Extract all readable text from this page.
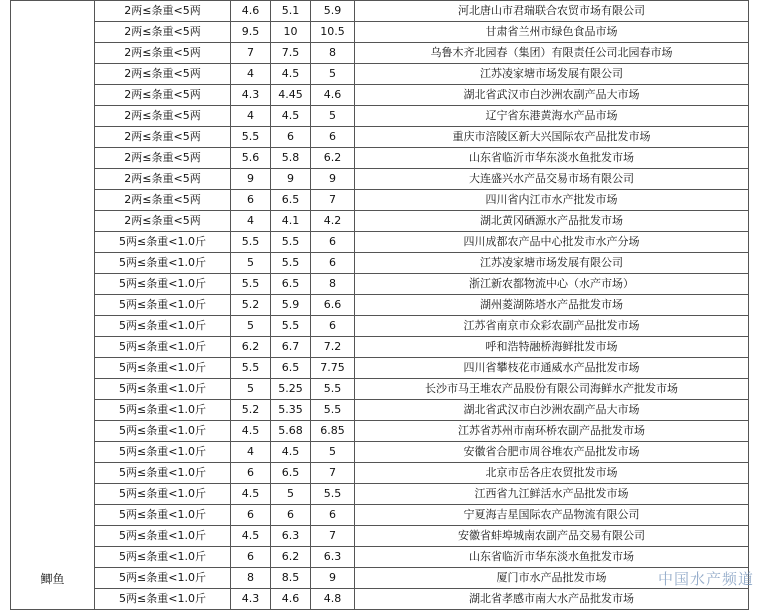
鲫鱼	2两≤条重<5两	4.6	5.1	5.9	河北唐山市君瑞联合农贸市场有限公司
	2两≤条重<5两	9.5	10	10.5	甘肃省兰州市绿色食品市场
	2两≤条重<5两	7	7.5	8	乌鲁木齐北园春（集团）有限责任公司北园春市场
	2两≤条重<5两	4	4.5	5	江苏凌家塘市场发展有限公司
	2两≤条重<5两	4.3	4.45	4.6	湖北省武汉市白沙洲农副产品大市场
	2两≤条重<5两	4	4.5	5	辽宁省东港黄海水产品市场
	2两≤条重<5两	5.5	6	6	重庆市涪陵区新大兴国际农产品批发市场
	2两≤条重<5两	5.6	5.8	6.2	山东省临沂市华东淡水鱼批发市场
	2两≤条重<5两	9	9	9	大连盛兴水产品交易市场有限公司
	2两≤条重<5两	6	6.5	7	四川省内江市水产批发市场
	2两≤条重<5两	4	4.1	4.2	湖北黄冈硒源水产品批发市场
	5两≤条重<1.0斤	5.5	5.5	6	四川成都农产品中心批发市水产分场
	5两≤条重<1.0斤	5	5.5	6	江苏凌家塘市场发展有限公司
	5两≤条重<1.0斤	5.5	6.5	8	浙江新农都物流中心（水产市场）
	5两≤条重<1.0斤	5.2	5.9	6.6	湖州菱湖陈塔水产品批发市场
	5两≤条重<1.0斤	5	5.5	6	江苏省南京市众彩农副产品批发市场
	5两≤条重<1.0斤	6.2	6.7	7.2	呼和浩特融桥海鲜批发市场
	5两≤条重<1.0斤	5.5	6.5	7.75	四川省攀枝花市通威水产品批发市场
	5两≤条重<1.0斤	5	5.25	5.5	长沙市马王堆农产品股份有限公司海鲜水产批发市场
	5两≤条重<1.0斤	5.2	5.35	5.5	湖北省武汉市白沙洲农副产品大市场
	5两≤条重<1.0斤	4.5	5.68	6.85	江苏省苏州市南环桥农副产品批发市场
	5两≤条重<1.0斤	4	4.5	5	安徽省合肥市周谷堆农产品批发市场
	5两≤条重<1.0斤	6	6.5	7	北京市岳各庄农贸批发市场
	5两≤条重<1.0斤	4.5	5	5.5	江西省九江鲜活水产品批发市场
	5两≤条重<1.0斤	6	6	6	宁夏海吉星国际农产品物流有限公司
	5两≤条重<1.0斤	4.5	6.3	7	安徽省蚌埠城南农副产品交易有限公司
	5两≤条重<1.0斤	6	6.2	6.3	山东省临沂市华东淡水鱼批发市场
	5两≤条重<1.0斤	8	8.5	9	厦门市水产品批发市场
	5两≤条重<1.0斤	4.3	4.6	4.8	湖北省孝感市南大水产品批发市场
中国水产频道
